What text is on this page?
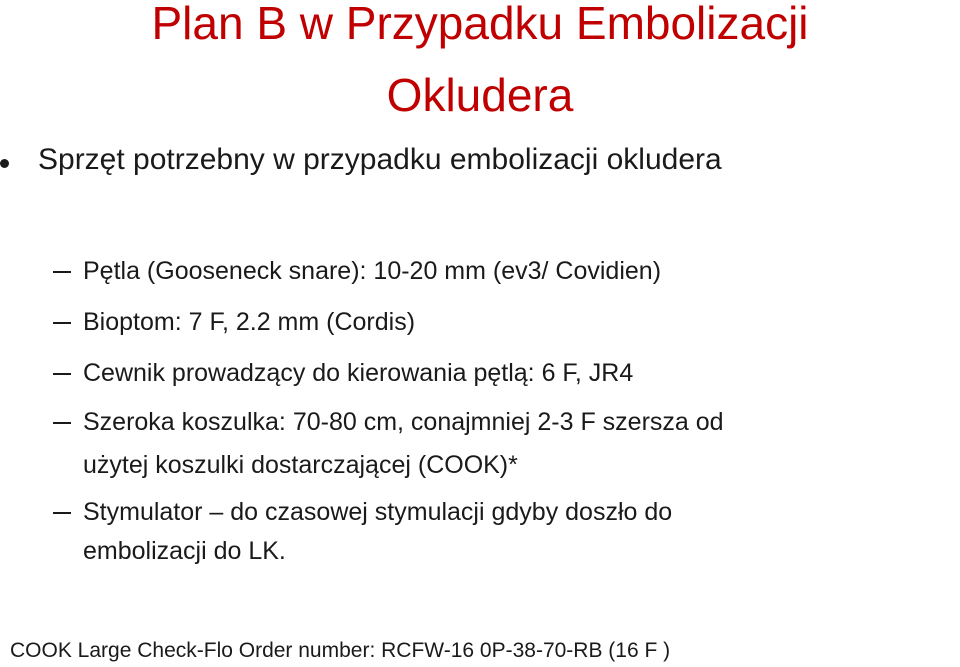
Plan B w Przypadku Embolizacji
Okludera
Sprzęt potrzebny w przypadku embolizacji okludera
Pętla (Gooseneck snare): 10-20 mm (ev3/ Covidien)
Bioptom: 7 F, 2.2 mm (Cordis)
Cewnik prowadzący do kierowania pętlą: 6 F, JR4
Szeroka koszulka: 70-80 cm, conajmniej 2-3 F szersza od
użytej koszulki dostarczającej (COOK)*
Stymulator – do czasowej stymulacji gdyby doszło do
embolizacji do LK.
COOK Large Check-Flo Order number: RCFW-16 0P-38-70-RB (16 F )
